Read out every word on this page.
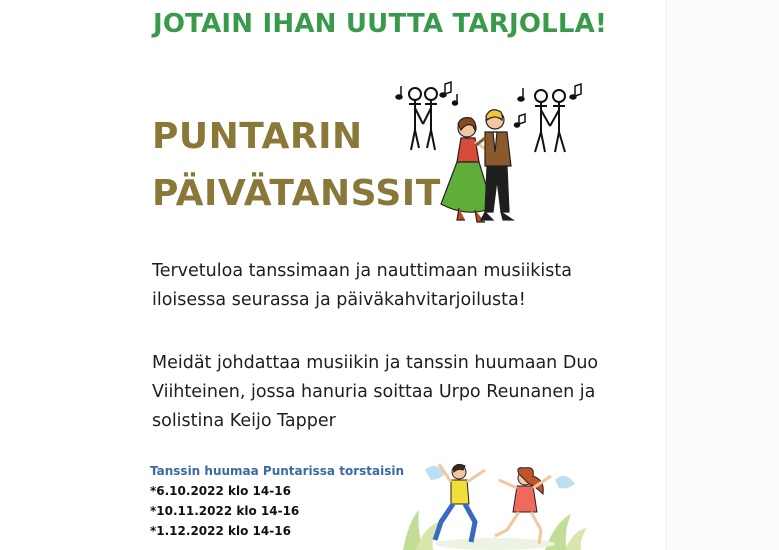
JOTAIN IHAN UUTTA TARJOLLA!
PUNTARIN
PÄIVÄTANSSIT
Tervetuloa tanssimaan ja nauttimaan musiikista
iloisessa seurassa ja päiväkahvitarjoilusta!
Meidät johdattaa musiikin ja tanssin huumaan Duo
Viihteinen, jossa hanuria soittaa Urpo Reunanen ja
solistina Keijo Tapper
Tanssin huumaa Puntarissa torstaisin
*6.10.2022 klo 14-16
*10.11.2022 klo 14-16
*1.12.2022 klo 14-16
